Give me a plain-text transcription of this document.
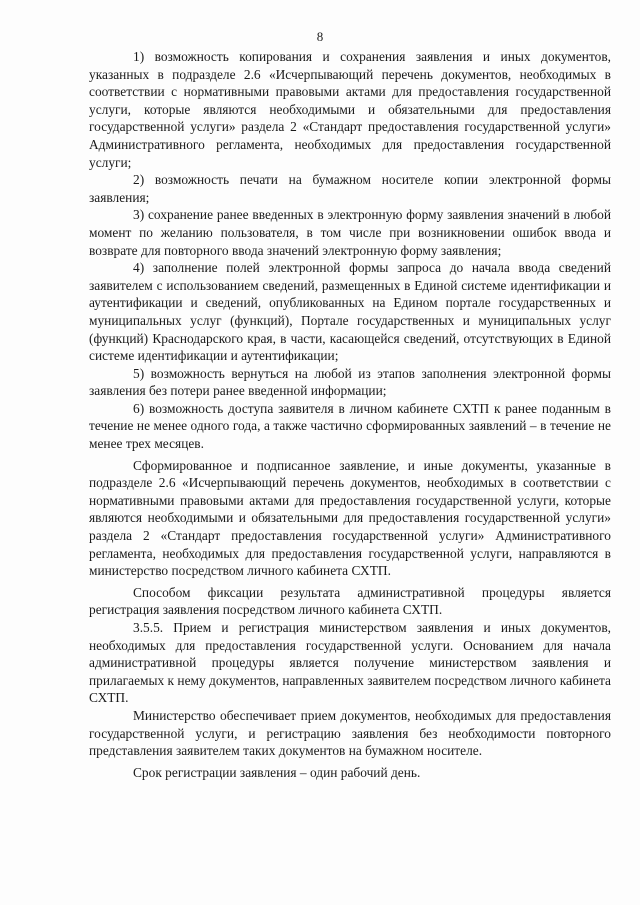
8

1) возможность копирования и сохранения заявления и иных документов, указанных в подразделе 2.6 «Исчерпывающий перечень документов, необходимых в соответствии с нормативными правовыми актами для предоставления государственной услуги, которые являются необходимыми и обязательными для предоставления государственной услуги» раздела 2 «Стандарт предоставления государственной услуги» Административного регламента, необходимых для предоставления государственной услуги;

2) возможность печати на бумажном носителе копии электронной формы заявления;

3) сохранение ранее введенных в электронную форму заявления значений в любой момент по желанию пользователя, в том числе при возникновении ошибок ввода и возврате для повторного ввода значений электронную форму заявления;

4) заполнение полей электронной формы запроса до начала ввода сведений заявителем с использованием сведений, размещенных в Единой системе идентификации и аутентификации и сведений, опубликованных на Едином портале государственных и муниципальных услуг (функций), Портале государственных и муниципальных услуг (функций) Краснодарского края, в части, касающейся сведений, отсутствующих в Единой системе идентификации и аутентификации;

5) возможность вернуться на любой из этапов заполнения электронной формы заявления без потери ранее введенной информации;

6) возможность доступа заявителя в личном кабинете СХТП к ранее поданным в течение не менее одного года, а также частично сформированных заявлений – в течение не менее трех месяцев.

Сформированное и подписанное заявление, и иные документы, указанные в подразделе 2.6 «Исчерпывающий перечень документов, необходимых в соответствии с нормативными правовыми актами для предоставления государственной услуги, которые являются необходимыми и обязательными для предоставления государственной услуги» раздела 2 «Стандарт предоставления государственной услуги» Административного регламента, необходимых для предоставления государственной услуги, направляются в министерство посредством личного кабинета СХТП.

Способом фиксации результата административной процедуры является регистрация заявления посредством личного кабинета СХТП.

3.5.5. Прием и регистрация министерством заявления и иных документов, необходимых для предоставления государственной услуги. Основанием для начала административной процедуры является получение министерством заявления и прилагаемых к нему документов, направленных заявителем посредством личного кабинета СХТП.

Министерство обеспечивает прием документов, необходимых для предоставления государственной услуги, и регистрацию заявления без необходимости повторного представления заявителем таких документов на бумажном носителе.

Срок регистрации заявления – один рабочий день.
